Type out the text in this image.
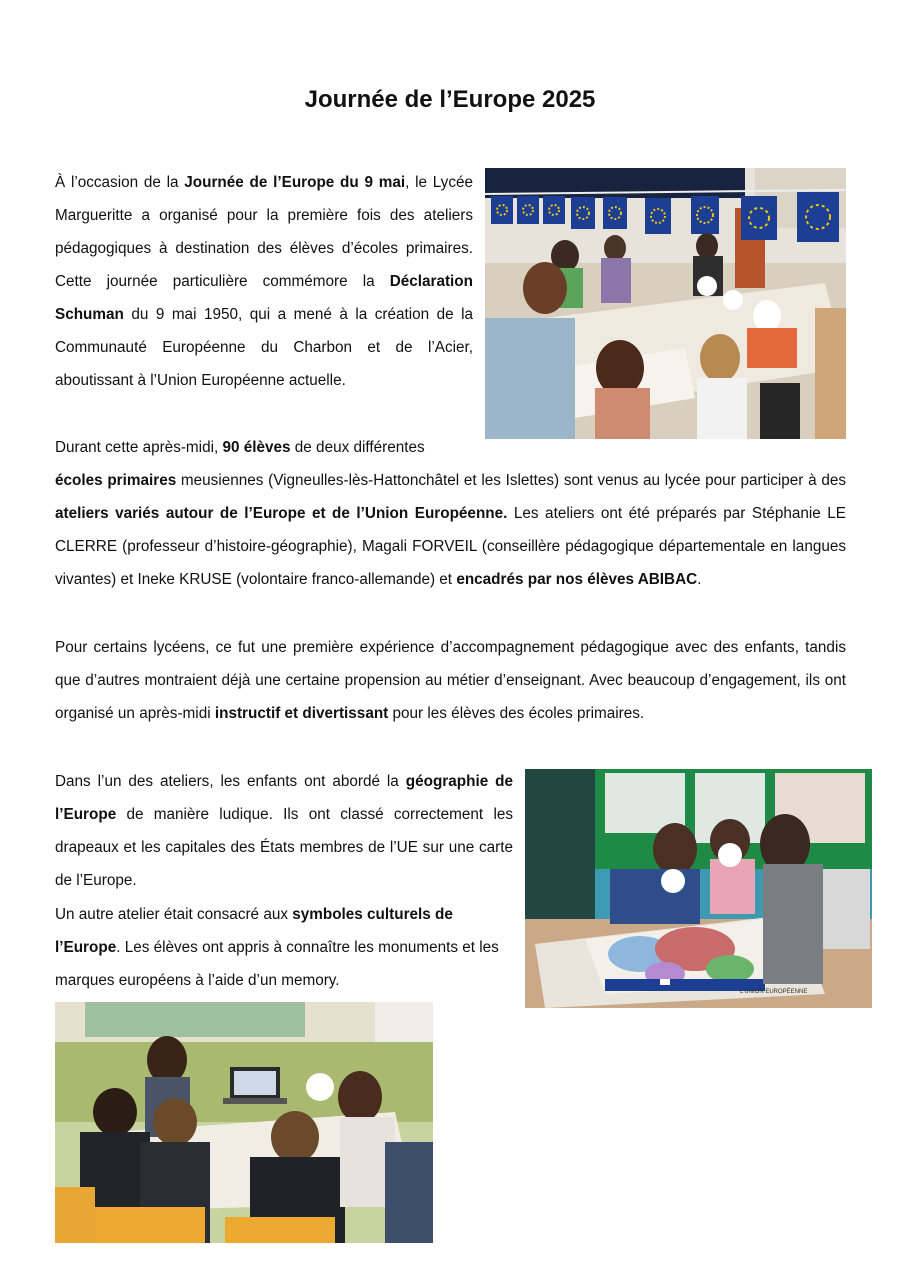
Journée de l’Europe 2025

À l’occasion de la Journée de l’Europe du 9 mai, le Lycée Margueritte a organisé pour la première fois des ateliers pédagogiques à destination des élèves d’écoles primaires. Cette journée particulière commémore la Déclaration Schuman du 9 mai 1950, qui a mené à la création de la Communauté Européenne du Charbon et de l’Acier, aboutissant à l’Union Européenne actuelle.

Durant cette après-midi, 90 élèves de deux différentes

écoles primaires meusiennes (Vigneulles-lès-Hattonchâtel et les Islettes) sont venus au lycée pour participer à des ateliers variés autour de l’Europe et de l’Union Européenne. Les ateliers ont été préparés par Stéphanie LE CLERRE (professeur d’histoire-géographie), Magali FORVEIL (conseillère pédagogique départementale en langues vivantes) et Ineke KRUSE (volontaire franco-allemande) et encadrés par nos élèves ABIBAC.

Pour certains lycéens, ce fut une première expérience d’accompagnement pédagogique avec des enfants, tandis que d’autres montraient déjà une certaine propension au métier d’enseignant. Avec beaucoup d’engagement, ils ont organisé un après-midi instructif et divertissant pour les élèves des écoles primaires.

Dans l’un des ateliers, les enfants ont abordé la géographie de l’Europe de manière ludique. Ils ont classé correctement les drapeaux et les capitales des États membres de l’UE sur une carte de l’Europe.

Un autre atelier était consacré aux symboles culturels de l’Europe. Les élèves ont appris à connaître les monuments et les marques européens à l’aide d’un memory.

L’UNION EUROPÉENNE
